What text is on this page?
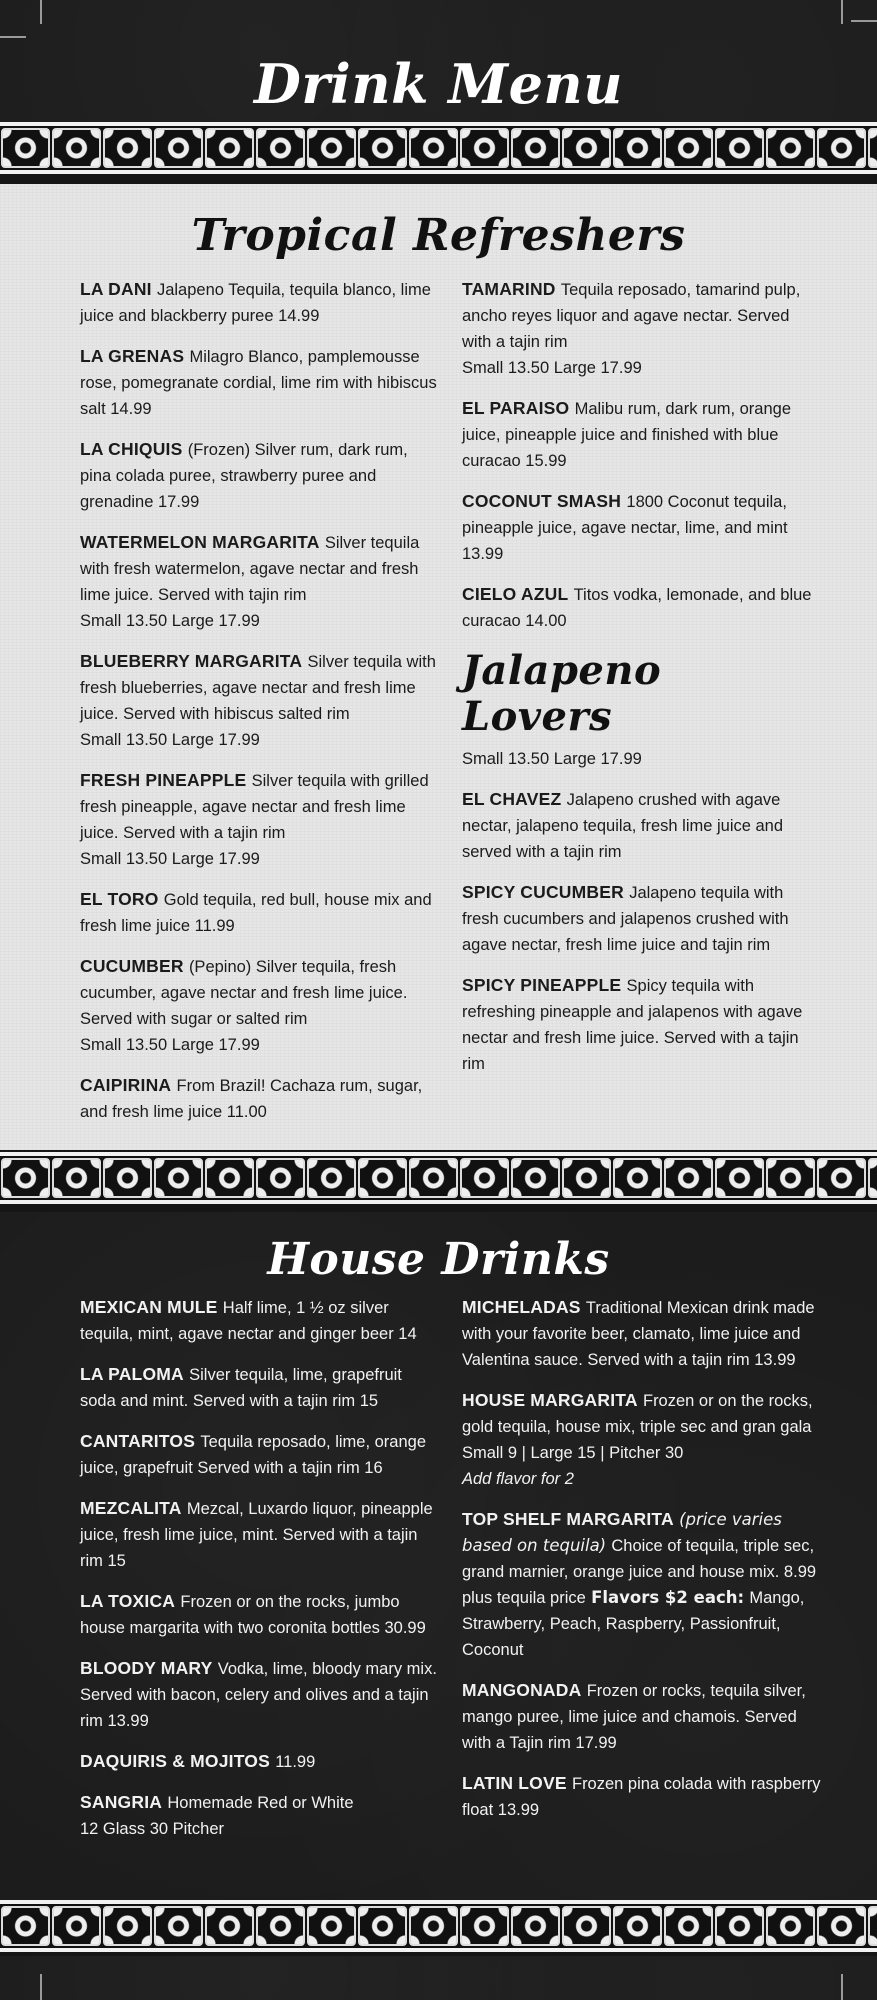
Drink Menu
Tropical Refreshers
LA DANI Jalapeno Tequila, tequila blanco, lime juice and blackberry puree 14.99
LA GRENAS Milagro Blanco, pamplemousse rose, pomegranate cordial, lime rim with hibiscus salt 14.99
LA CHIQUIS (Frozen) Silver rum, dark rum, pina colada puree, strawberry puree and grenadine 17.99
WATERMELON MARGARITA Silver tequila with fresh watermelon, agave nectar and fresh lime juice. Served with tajin rim
Small 13.50 Large 17.99
BLUEBERRY MARGARITA Silver tequila with fresh blueberries, agave nectar and fresh lime juice. Served with hibiscus salted rim
Small 13.50 Large 17.99
FRESH PINEAPPLE Silver tequila with grilled fresh pineapple, agave nectar and fresh lime juice. Served with a tajin rim
Small 13.50 Large 17.99
EL TORO Gold tequila, red bull, house mix and fresh lime juice 11.99
CUCUMBER (Pepino) Silver tequila, fresh cucumber, agave nectar and fresh lime juice. Served with sugar or salted rim
Small 13.50 Large 17.99
CAIPIRINA From Brazil! Cachaza rum, sugar, and fresh lime juice 11.00
TAMARIND Tequila reposado, tamarind pulp, ancho reyes liquor and agave nectar. Served with a tajin rim
Small 13.50 Large 17.99
EL PARAISO Malibu rum, dark rum, orange juice, pineapple juice and finished with blue curacao 15.99
COCONUT SMASH 1800 Coconut tequila, pineapple juice, agave nectar, lime, and mint 13.99
CIELO AZUL Titos vodka, lemonade, and blue curacao 14.00
Jalapeno
Lovers
Small 13.50 Large 17.99
EL CHAVEZ Jalapeno crushed with agave nectar, jalapeno tequila, fresh lime juice and served with a tajin rim
SPICY CUCUMBER Jalapeno tequila with fresh cucumbers and jalapenos crushed with agave nectar, fresh lime juice and tajin rim
SPICY PINEAPPLE Spicy tequila with refreshing pineapple and jalapenos with agave nectar and fresh lime juice. Served with a tajin rim
House Drinks
MEXICAN MULE Half lime, 1 ½ oz silver tequila, mint, agave nectar and ginger beer 14
LA PALOMA Silver tequila, lime, grapefruit soda and mint. Served with a tajin rim 15
CANTARITOS Tequila reposado, lime, orange juice, grapefruit Served with a tajin rim 16
MEZCALITA Mezcal, Luxardo liquor, pineapple juice, fresh lime juice, mint. Served with a tajin rim 15
LA TOXICA Frozen or on the rocks, jumbo house margarita with two coronita bottles 30.99
BLOODY MARY Vodka, lime, bloody mary mix. Served with bacon, celery and olives and a tajin rim 13.99
DAQUIRIS & MOJITOS 11.99
SANGRIA Homemade Red or White
12 Glass 30 Pitcher
MICHELADAS Traditional Mexican drink made with your favorite beer, clamato, lime juice and Valentina sauce. Served with a tajin rim 13.99
HOUSE MARGARITA Frozen or on the rocks, gold tequila, house mix, triple sec and gran gala
Small 9 | Large 15 | Pitcher 30
Add flavor for 2
TOP SHELF MARGARITA (price varies based on tequila) Choice of tequila, triple sec, grand marnier, orange juice and house mix. 8.99 plus tequila price Flavors $2 each: Mango, Strawberry, Peach, Raspberry, Passionfruit, Coconut
MANGONADA Frozen or rocks, tequila silver, mango puree, lime juice and chamois. Served with a Tajin rim 17.99
LATIN LOVE Frozen pina colada with raspberry float 13.99
